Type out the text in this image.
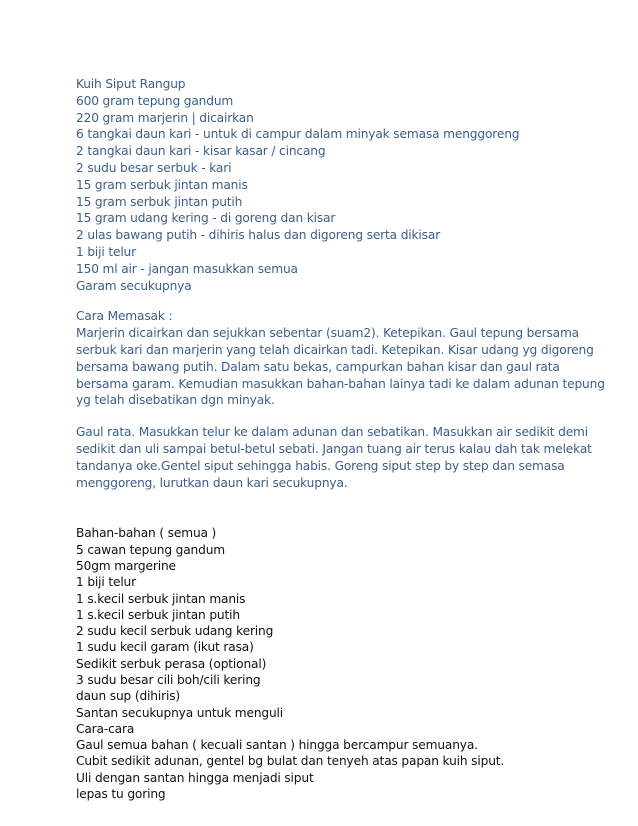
Kuih Siput Rangup
600 gram tepung gandum
220 gram marjerin | dicairkan
6 tangkai daun kari - untuk di campur dalam minyak semasa menggoreng
2 tangkai daun kari - kisar kasar / cincang
2 sudu besar serbuk - kari
15 gram serbuk jintan manis
15 gram serbuk jintan putih
15 gram udang kering - di goreng dan kisar
2 ulas bawang putih - dihiris halus dan digoreng serta dikisar
1 biji telur
150 ml air - jangan masukkan semua
Garam secukupnya
Cara Memasak :
Marjerin dicairkan dan sejukkan sebentar (suam2). Ketepikan. Gaul tepung bersama
serbuk kari dan marjerin yang telah dicairkan tadi. Ketepikan. Kisar udang yg digoreng
bersama bawang putih. Dalam satu bekas, campurkan bahan kisar dan gaul rata
bersama garam. Kemudian masukkan bahan-bahan lainya tadi ke dalam adunan tepung
yg telah disebatikan dgn minyak.
Gaul rata. Masukkan telur ke dalam adunan dan sebatikan. Masukkan air sedikit demi
sedikit dan uli sampai betul-betul sebati. Jangan tuang air terus kalau dah tak melekat
tandanya oke.Gentel siput sehingga habis. Goreng siput step by step dan semasa
menggoreng, lurutkan daun kari secukupnya.
Bahan-bahan ( semua )
5 cawan tepung gandum
50gm margerine
1 biji telur
1 s.kecil serbuk jintan manis
1 s.kecil serbuk jintan putih
2 sudu kecil serbuk udang kering
1 sudu kecil garam (ikut rasa)
Sedikit serbuk perasa (optional)
3 sudu besar cili boh/cili kering
daun sup (dihiris)
Santan secukupnya untuk menguli
Cara-cara
Gaul semua bahan ( kecuali santan ) hingga bercampur semuanya.
Cubit sedikit adunan, gentel bg bulat dan tenyeh atas papan kuih siput.
Uli dengan santan hingga menjadi siput
lepas tu goring
